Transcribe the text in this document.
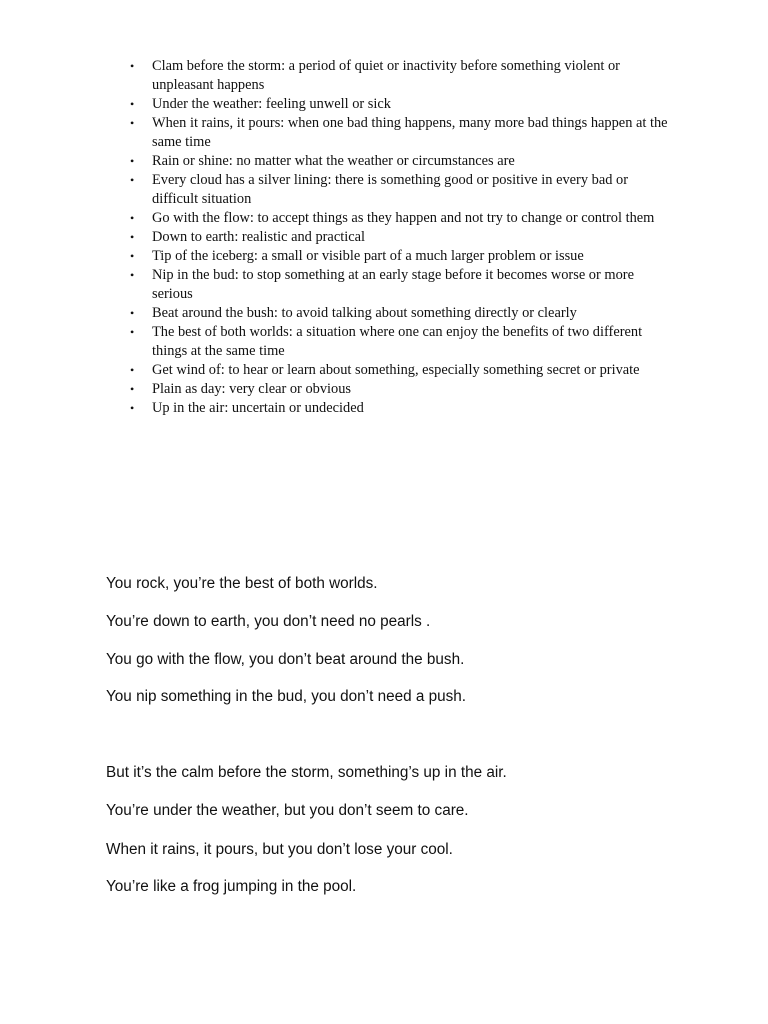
•	Clam before the storm: a period of quiet or inactivity before something violent or unpleasant happens
•	Under the weather: feeling unwell or sick
•	When it rains, it pours: when one bad thing happens, many more bad things happen at the same time
•	Rain or shine: no matter what the weather or circumstances are
•	Every cloud has a silver lining: there is something good or positive in every bad or difficult situation
•	Go with the flow: to accept things as they happen and not try to change or control them
•	Down to earth: realistic and practical
•	Tip of the iceberg: a small or visible part of a much larger problem or issue
•	Nip in the bud: to stop something at an early stage before it becomes worse or more serious
•	Beat around the bush: to avoid talking about something directly or clearly
•	The best of both worlds: a situation where one can enjoy the benefits of two different things at the same time
•	Get wind of: to hear or learn about something, especially something secret or private
•	Plain as day: very clear or obvious
•	Up in the air: uncertain or undecided
You rock, you’re the best of both worlds.
You’re down to earth, you don’t need no pearls .
You go with the flow, you don’t beat around the bush.
You nip something in the bud, you don’t need a push.
But it’s the calm before the storm, something’s up in the air.
You’re under the weather, but you don’t seem to care.
When it rains, it pours, but you don’t lose your cool.
You’re like a frog jumping in the pool.
